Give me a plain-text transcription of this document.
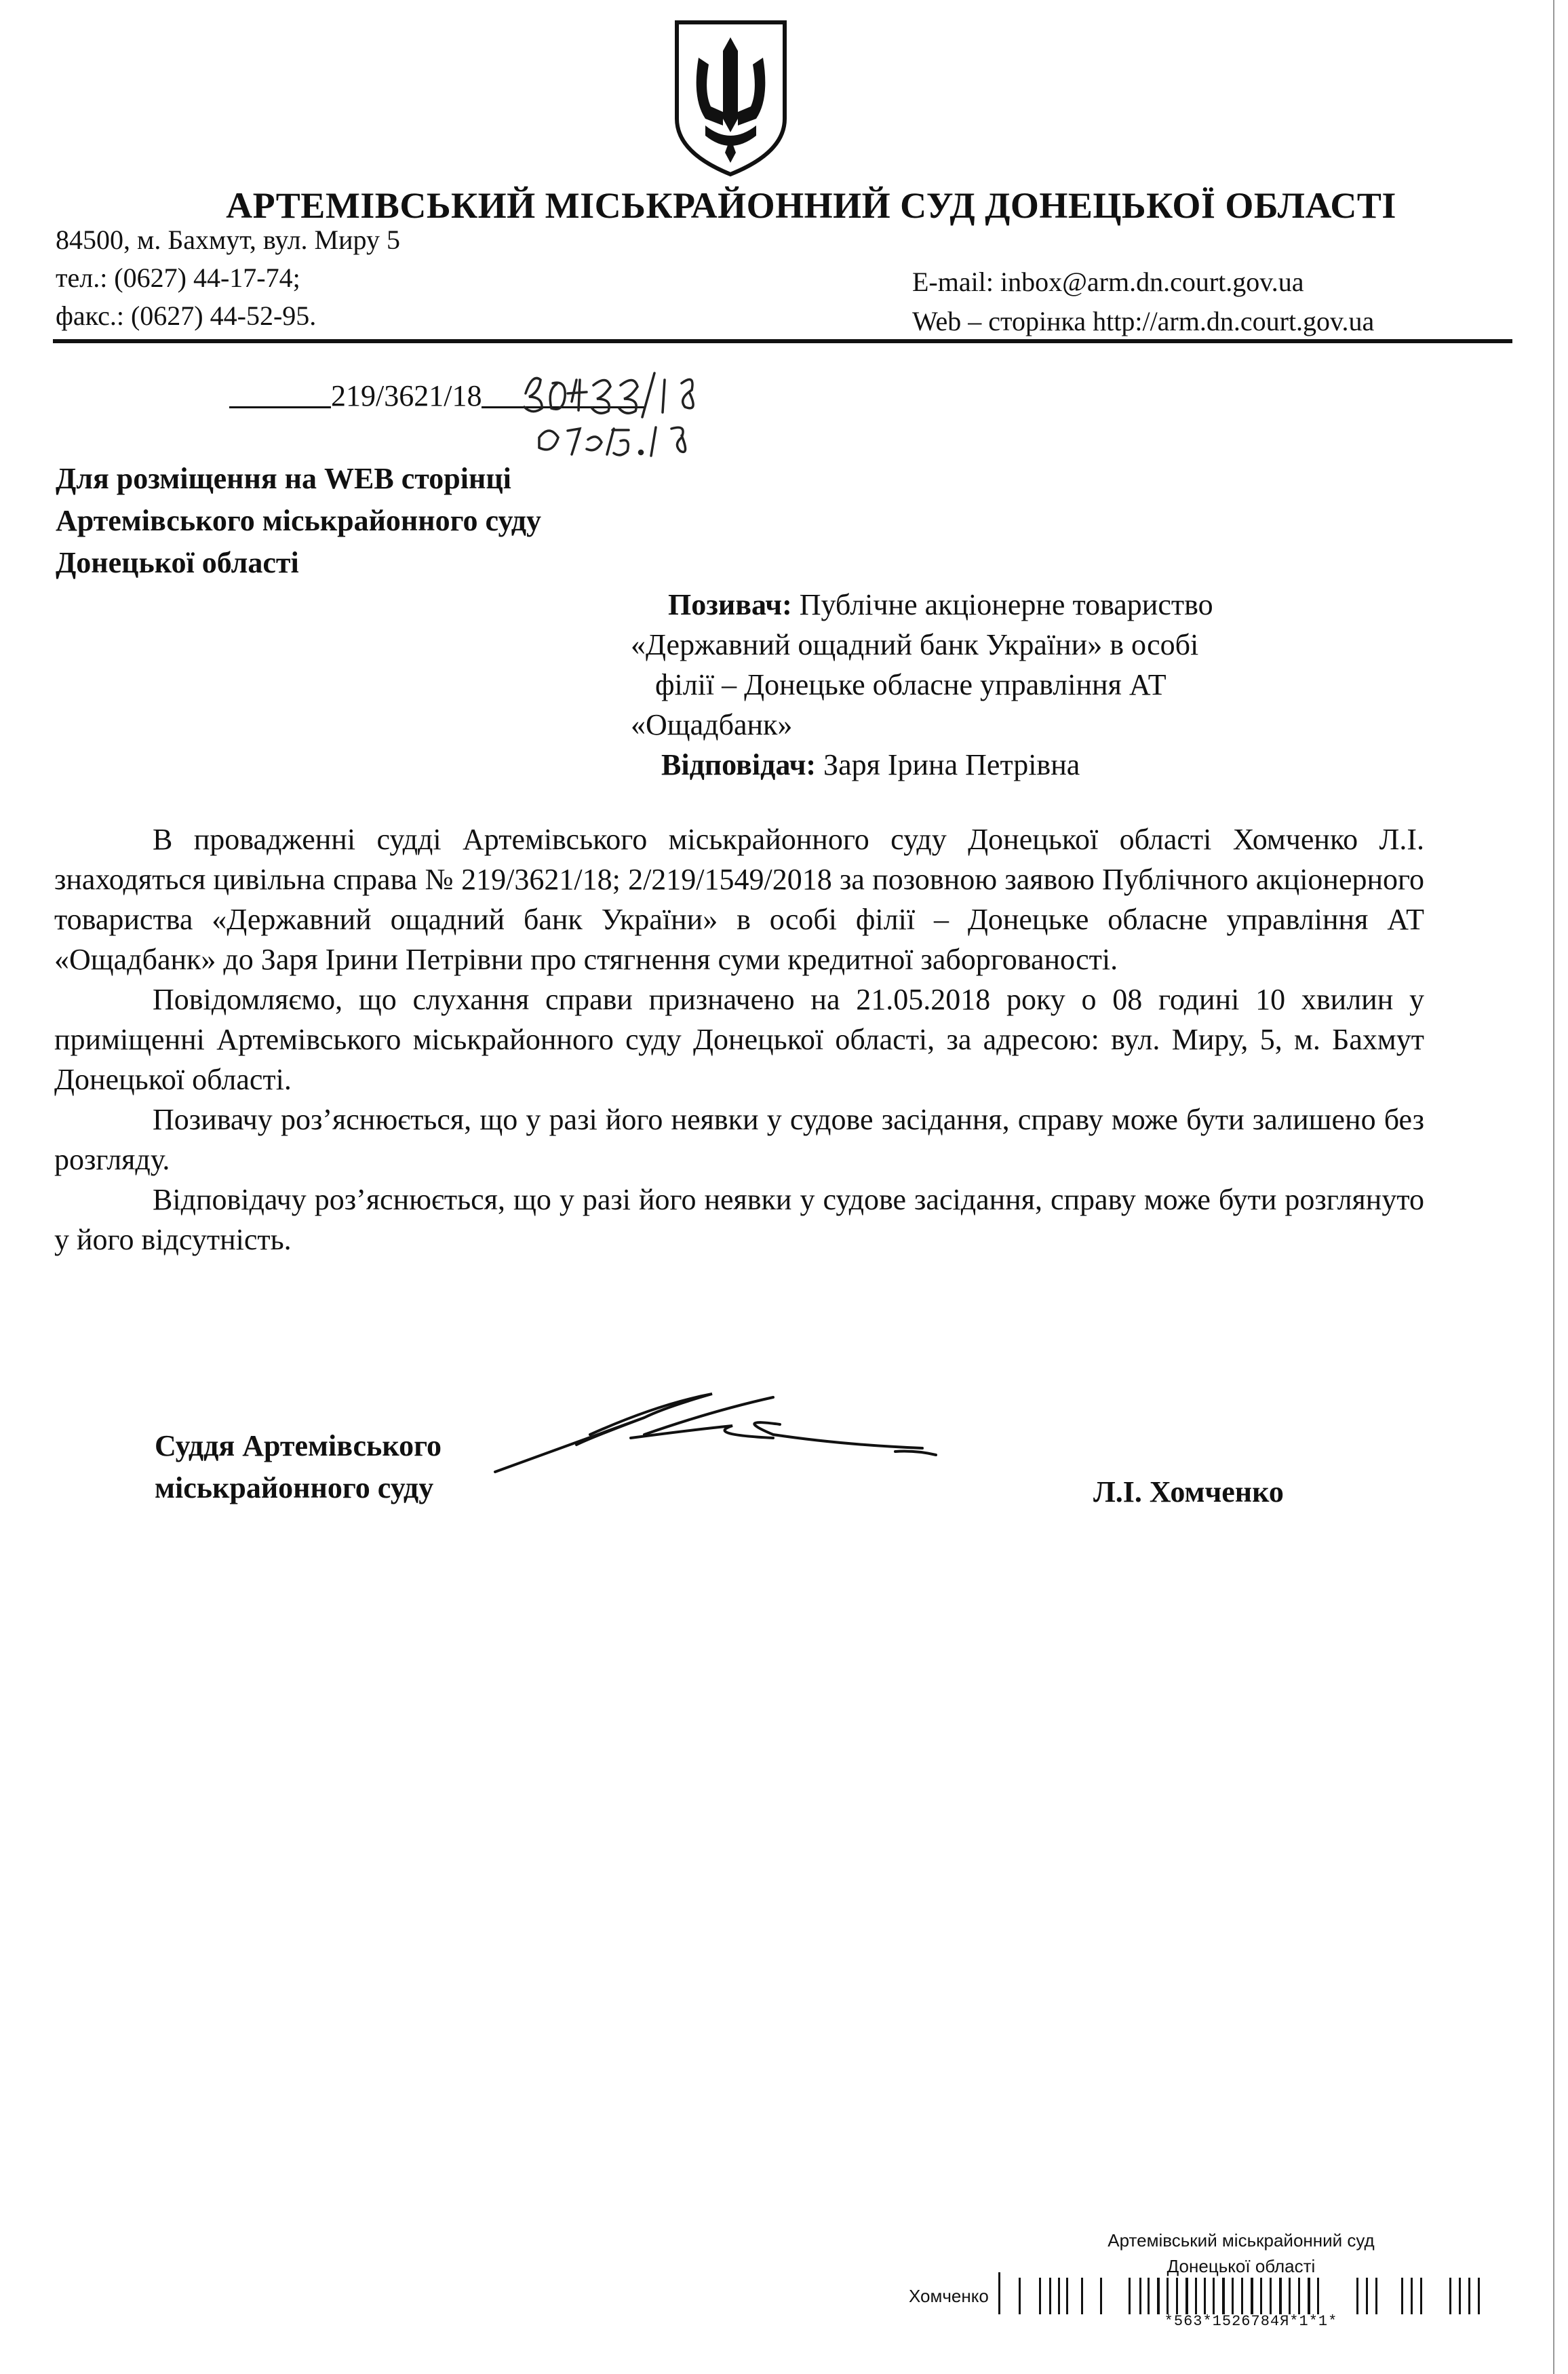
АРТЕМІВСЬКИЙ МІСЬКРАЙОННИЙ СУД ДОНЕЦЬКОЇ ОБЛАСТІ
84500, м. Бахмут, вул. Миру 5
тел.: (0627) 44-17-74;
факс.: (0627) 44-52-95.
E-mail: inbox@arm.dn.court.gov.ua
Web – сторінка http://arm.dn.court.gov.ua
219/3621/18
Для розміщення на WEB сторінці
Артемівського міськрайонного суду
Донецької області
Позивач: Публічне акціонерне товариство
«Державний ощадний банк України» в особі
філії – Донецьке обласне управління АТ
«Ощадбанк»
Відповідач: Заря Ірина Петрівна

В провадженні судді Артемівського міськрайонного суду Донецької області Хомченко Л.І. знаходяться цивільна справа № 219/3621/18; 2/219/1549/2018 за позовною заявою Публічного акціонерного товариства «Державний ощадний банк України» в особі філії – Донецьке обласне управління АТ «Ощадбанк» до Заря Ірини Петрівни про стягнення суми кредитної заборгованості.

Повідомляємо, що слухання справи призначено на 21.05.2018 року о 08 годині 10 хвилин у приміщенні Артемівського міськрайонного суду Донецької області, за адресою: вул. Миру, 5, м. Бахмут Донецької області.

Позивачу роз’яснюється, що у разі його неявки у судове засідання, справу може бути залишено без розгляду.

Відповідачу роз’яснюється, що у разі його неявки у судове засідання, справу може бути розглянуто у його відсутність.

Суддя Артемівського
міськрайонного суду	Л.І. Хомченко
Артемівський міськрайонний суд
Донецької області
Хомченко
*563*1526784Я*1*1*
